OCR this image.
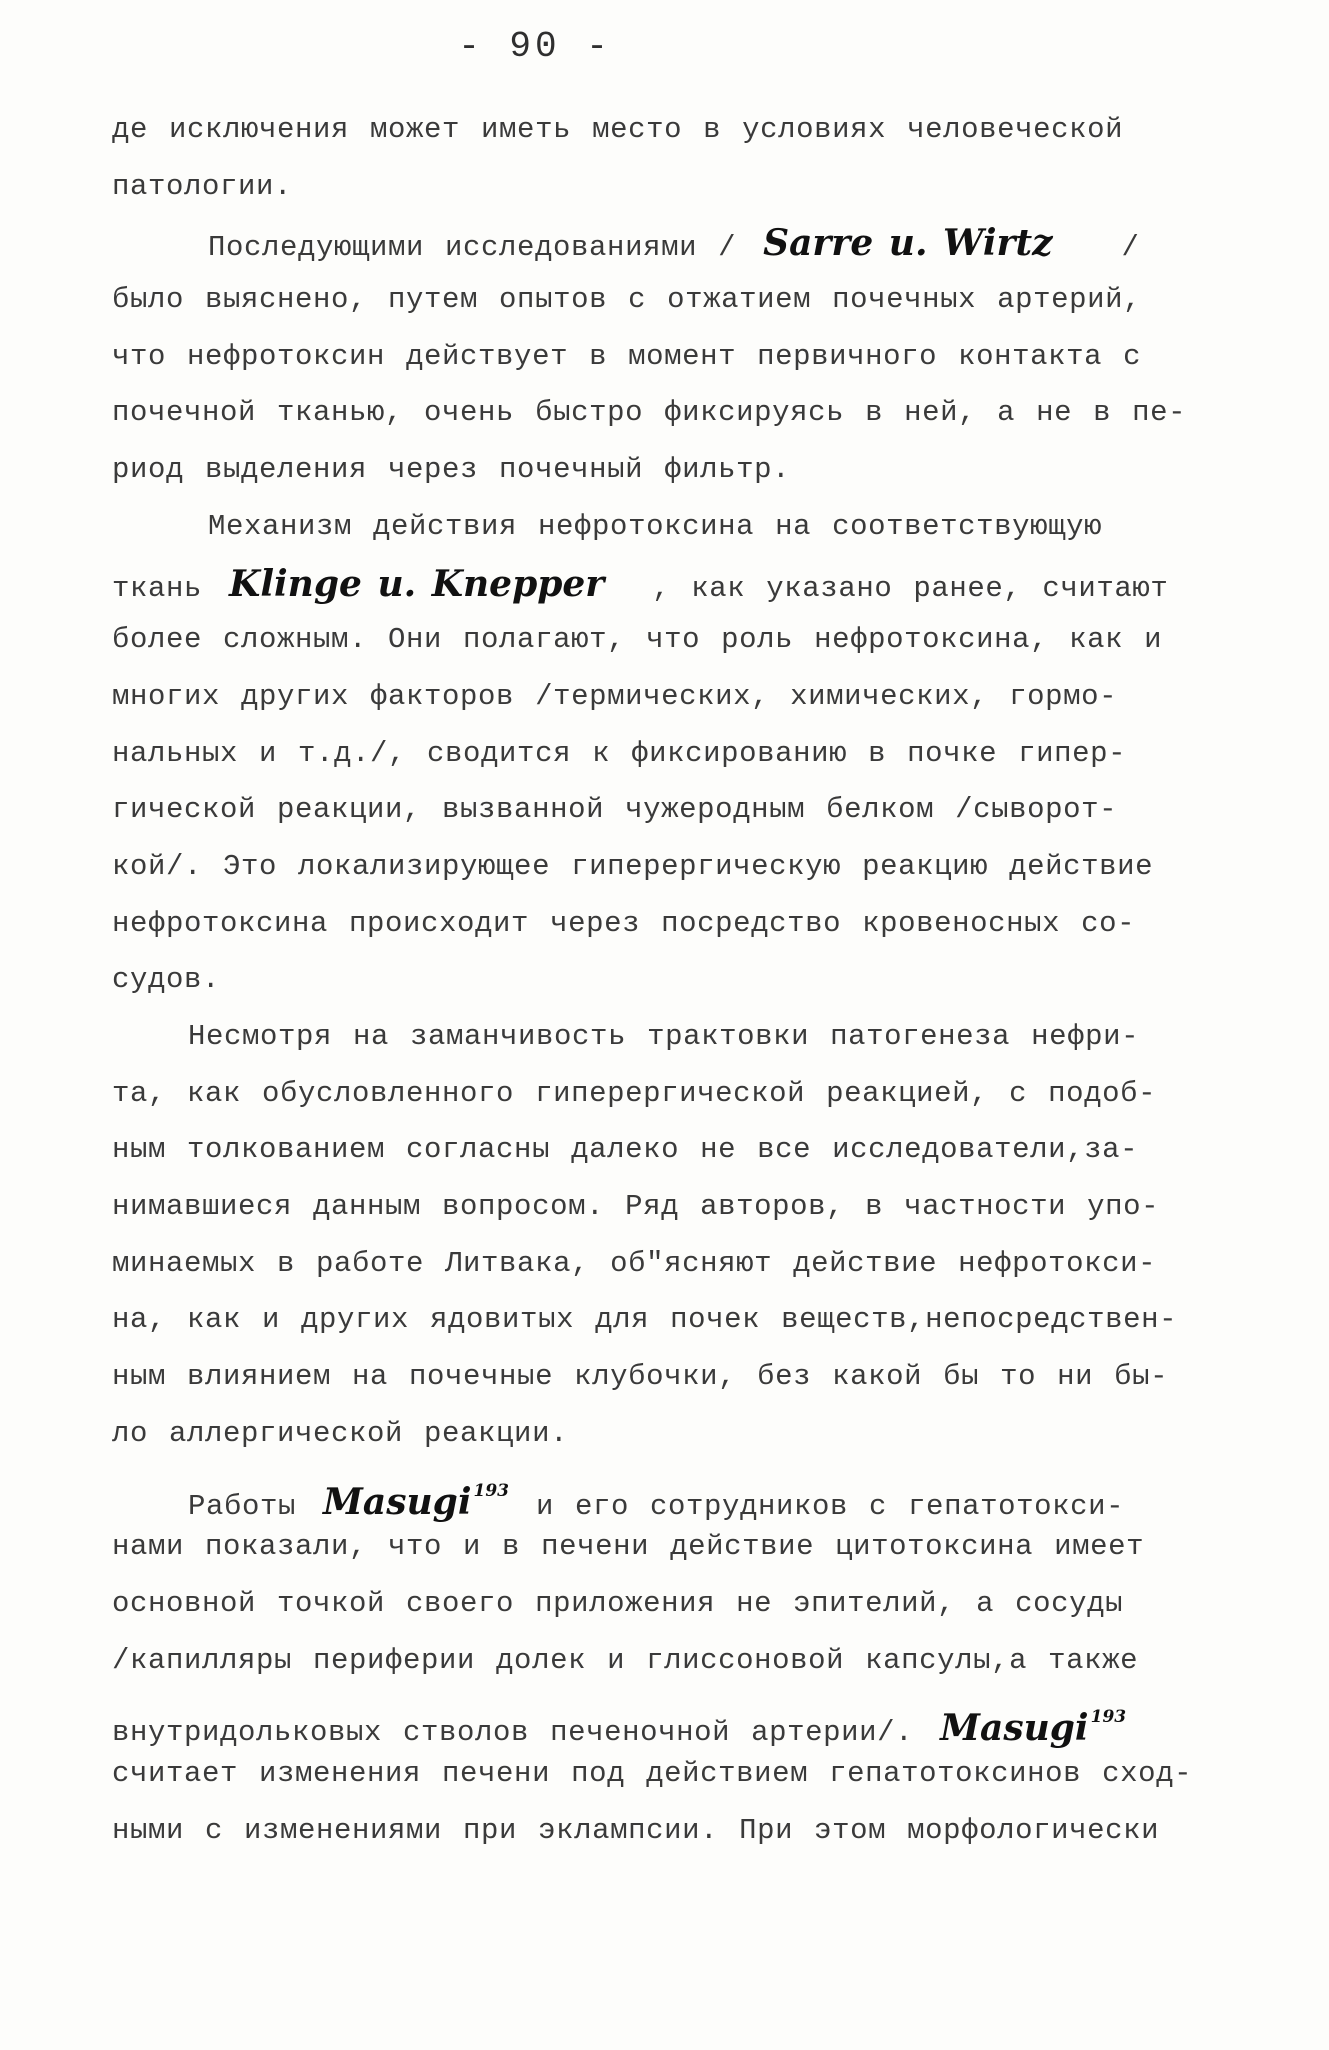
- 90 -
де исключения может иметь место в условиях человеческой
патологии.
Последующими исследованиями / Sarre u. Wirtz   /
было выяснено, путем опытов с отжатием почечных артерий,
что нефротоксин действует в момент первичного контакта с
почечной тканью, очень быстро фиксируясь в ней, а не в пе-
риод выделения через почечный фильтр.
Механизм действия нефротоксина на соответствующую
ткань Klinge u. Knepper  , как указано ранее, считают
более сложным. Они полагают, что роль нефротоксина, как и
многих других факторов /термических, химических, гормо-
нальных и т.д./, сводится к фиксированию в почке гипер-
гической реакции, вызванной чужеродным белком /сыворот-
кой/. Это локализирующее гиперергическую реакцию действие
нефротоксина происходит через посредство кровеносных со-
судов.
Несмотря на заманчивость трактовки патогенеза нефри-
та, как обусловленного гиперергической реакцией, с подоб-
ным толкованием согласны далеко не все исследователи,за-
нимавшиеся данным вопросом. Ряд авторов, в частности упо-
минаемых в работе Литвака, об"ясняют действие нефротокси-
на, как и других ядовитых для почек веществ,непосредствен-
ным влиянием на почечные клубочки, без какой бы то ни бы-
ло аллергической реакции.
Работы Masugi $^{193}$ и его сотрудников с гепатотокси-
нами показали, что и в печени действие цитотоксина имеет
основной точкой своего приложения не эпителий, а сосуды
/капилляры периферии долек и глиссоновой капсулы,а также
внутридольковых стволов печеночной артерии/. Masugi $^{193}$
считает изменения печени под действием гепатотоксинов сход-
ными с изменениями при эклампсии. При этом морфологически
